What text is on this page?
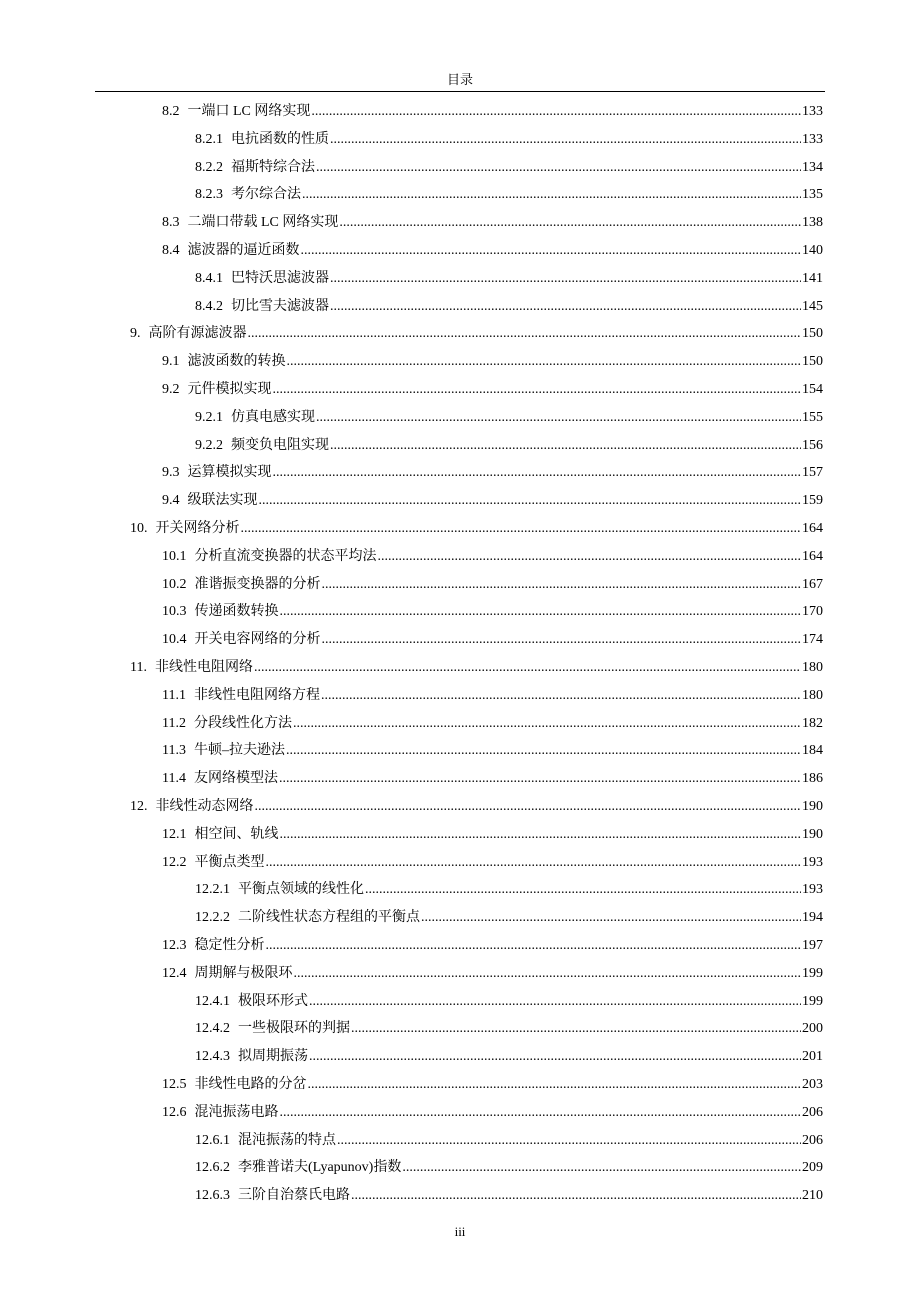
目录
8.2 一端口 LC 网络实现 .....	133
8.2.1 电抗函数的性质 .....	133
8.2.2 福斯特综合法 .....	134
8.2.3 考尔综合法 .....	135
8.3 二端口带载 LC 网络实现 .....	138
8.4 滤波器的逼近函数 .....	140
8.4.1 巴特沃思滤波器 .....	141
8.4.2 切比雪夫滤波器 .....	145
9. 高阶有源滤波器 .....	150
9.1 滤波函数的转换 .....	150
9.2 元件模拟实现 .....	154
9.2.1 仿真电感实现 .....	155
9.2.2 频变负电阻实现 .....	156
9.3 运算模拟实现 .....	157
9.4 级联法实现 .....	159
10. 开关网络分析 .....	164
10.1 分析直流变换器的状态平均法 .....	164
10.2 准谐振变换器的分析 .....	167
10.3 传递函数转换 .....	170
10.4 开关电容网络的分析 .....	174
11. 非线性电阻网络 .....	180
11.1 非线性电阻网络方程 .....	180
11.2 分段线性化方法 .....	182
11.3 牛顿–拉夫逊法 .....	184
11.4 友网络模型法 .....	186
12. 非线性动态网络 .....	190
12.1 相空间、轨线 .....	190
12.2 平衡点类型 .....	193
12.2.1 平衡点领域的线性化 .....	193
12.2.2 二阶线性状态方程组的平衡点 .....	194
12.3 稳定性分析 .....	197
12.4 周期解与极限环 .....	199
12.4.1 极限环形式 .....	199
12.4.2 一些极限环的判据 .....	200
12.4.3 拟周期振荡 .....	201
12.5 非线性电路的分岔 .....	203
12.6 混沌振荡电路 .....	206
12.6.1 混沌振荡的特点 .....	206
12.6.2 李雅普诺夫(Lyapunov)指数 .....	209
12.6.3 三阶自治蔡氏电路 .....	210
iii
